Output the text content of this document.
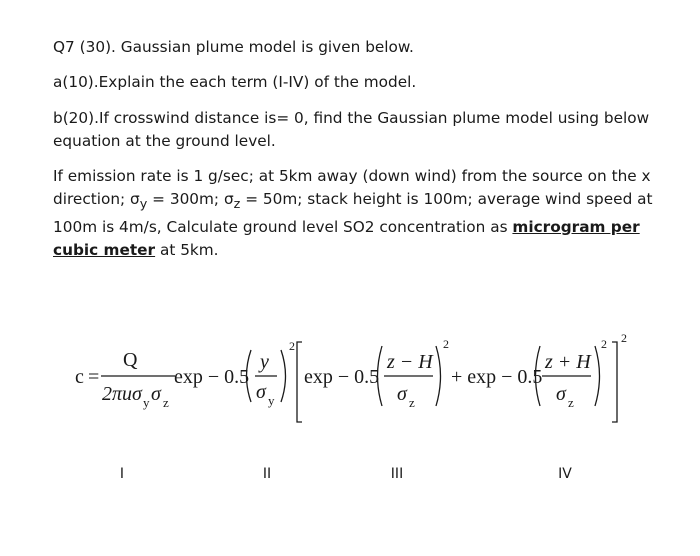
Q7 (30). Gaussian plume model is given below.
a(10).Explain the each term (I-IV) of the model.
b(20).If crosswind distance is= 0, find the Gaussian plume model using below equation at the ground level.
If emission rate is 1 g/sec; at 5km away (down wind) from the source on the x direction; $\sigma_y = 300m$; $\sigma_z = 50m$; stack height is 100m; average wind speed at 100m is 4m/s, Calculate ground level SO2 concentration as microgram per cubic meter at 5km.
c =
Q
2πuσ y σ z
exp − 0.5
y
σ y
2
exp − 0.5
z − H
σ z
2
+ exp − 0.5
z + H
σ z
2 2
I	II	III	IV
